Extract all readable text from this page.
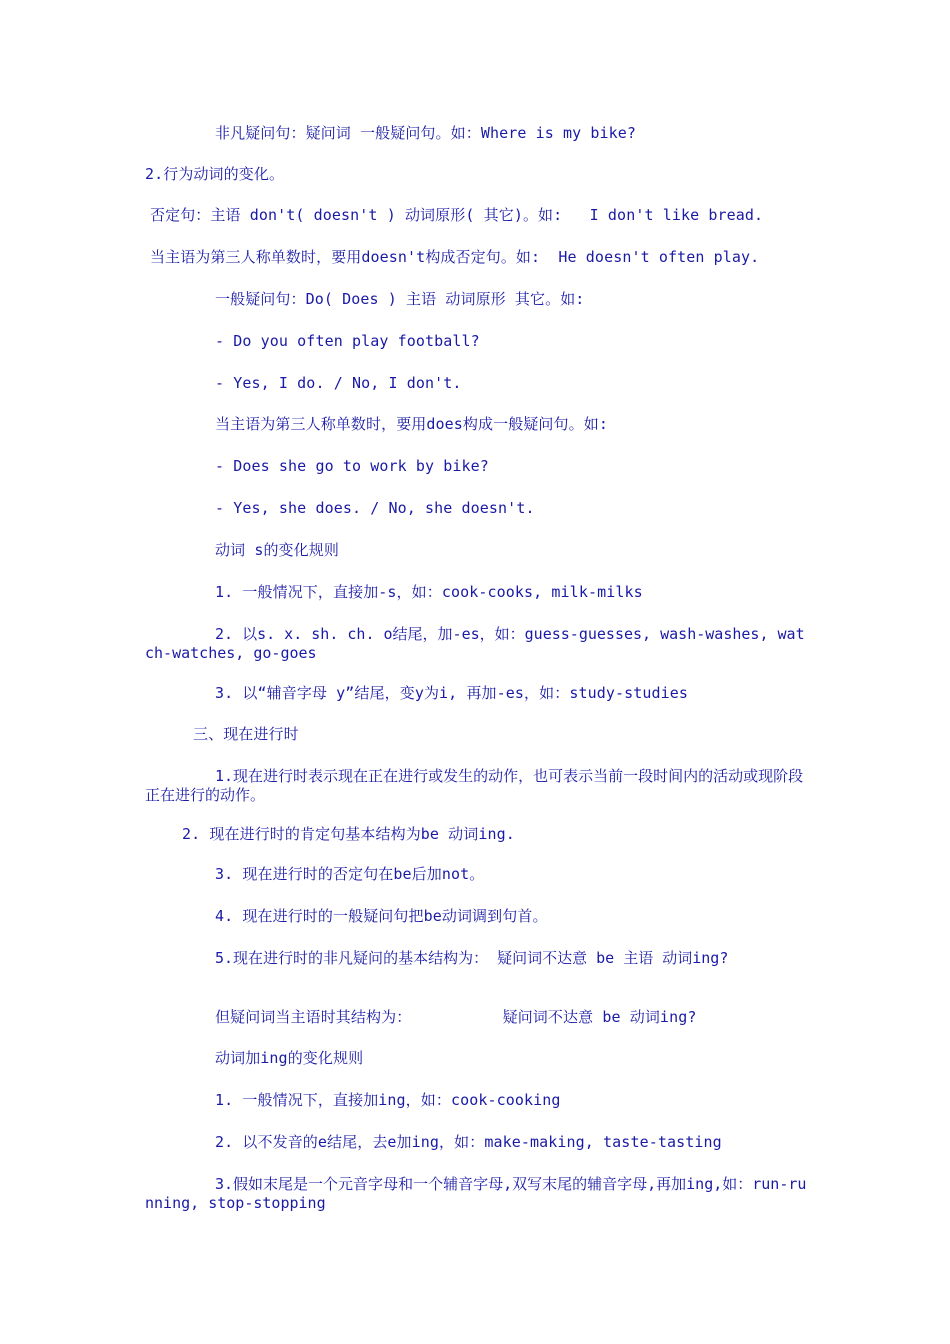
非凡疑问句：疑问词 一般疑问句。如：Where is my bike?
2.行为动词的变化。
否定句：主语 don't( doesn't ) 动词原形( 其它)。如:   I don't like bread.
当主语为第三人称单数时，要用doesn't构成否定句。如:  He doesn't often play.
一般疑问句：Do( Does ) 主语 动词原形 其它。如:
- Do you often play football?
- Yes, I do. / No, I don't.
当主语为第三人称单数时，要用does构成一般疑问句。如:
- Does she go to work by bike?
- Yes, she does. / No, she doesn't.
动词 s的变化规则
1. 一般情况下，直接加-s，如：cook-cooks, milk-milks
2. 以s. x. sh. ch. o结尾，加-es，如：guess-guesses, wash-washes, watch-watches, go-goes
3. 以“辅音字母 y”结尾，变y为i, 再加-es，如：study-studies
三、现在进行时
1.现在进行时表示现在正在进行或发生的动作，也可表示当前一段时间内的活动或现阶段正在进行的动作。
2. 现在进行时的肯定句基本结构为be 动词ing.
3. 现在进行时的否定句在be后加not。
4. 现在进行时的一般疑问句把be动词调到句首。
5.现在进行时的非凡疑问的基本结构为： 疑问词不达意 be 主语 动词ing?
但疑问词当主语时其结构为：          疑问词不达意 be 动词ing?
动词加ing的变化规则
1. 一般情况下，直接加ing，如：cook-cooking
2. 以不发音的e结尾，去e加ing，如：make-making, taste-tasting
3.假如末尾是一个元音字母和一个辅音字母,双写末尾的辅音字母,再加ing,如：run-running, stop-stopping
